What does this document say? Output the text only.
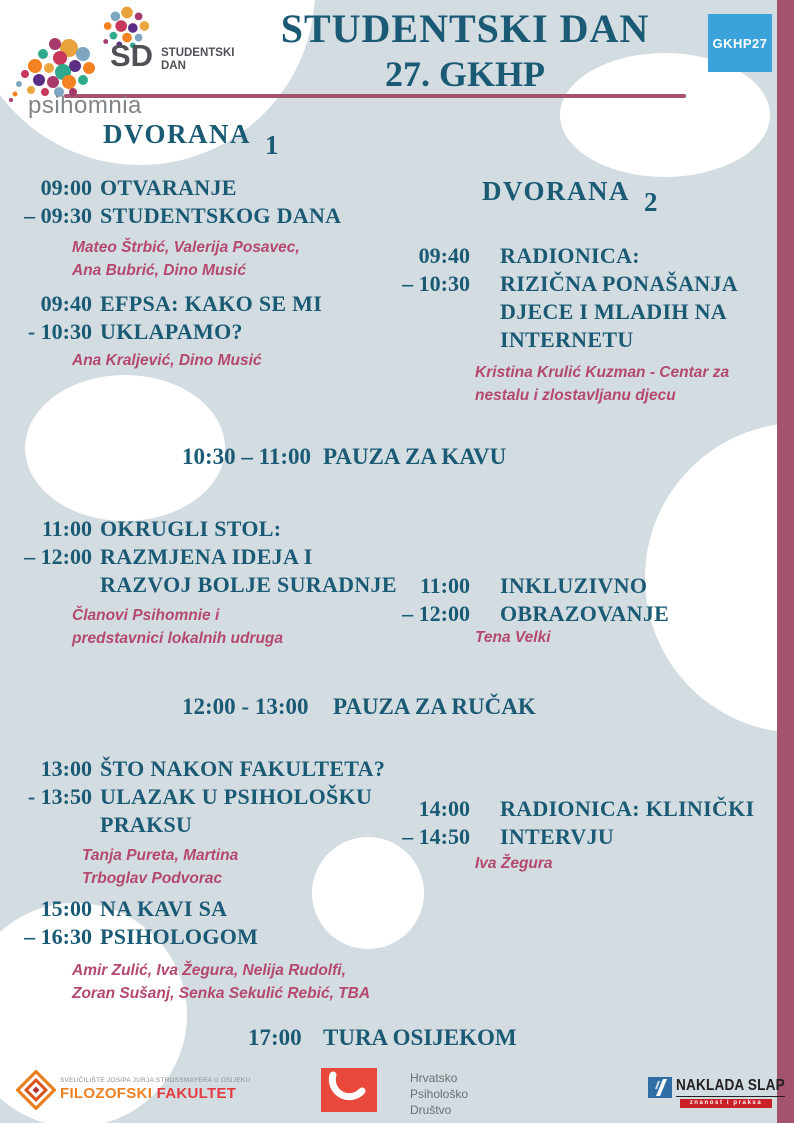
psihomnia
SD STUDENTSKI
DAN
STUDENTSKI DAN
27. GKHP
GKHP27
DVORANA 1
DVORANA 2
09:00
– 09:30
OTVARANJE
STUDENTSKOG DANA
Mateo Štrbić, Valerija Posavec,
Ana Bubrić, Dino Musić
09:40
- 10:30
EFPSA: KAKO SE MI
UKLAPAMO?
Ana Kraljević, Dino Musić
11:00
– 12:00
OKRUGLI STOL:
RAZMJENA IDEJA I
RAZVOJ BOLJE SURADNJE
Članovi Psihomnie i
predstavnici lokalnih udruga
13:00
- 13:50
ŠTO NAKON FAKULTETA?
ULAZAK U PSIHOLOŠKU
PRAKSU
Tanja Pureta, Martina
Trboglav Podvorac
15:00
– 16:30
NA KAVI SA
PSIHOLOGOM
Amir Zulić, Iva Žegura, Nelija Rudolfi,
Zoran Sušanj, Senka Sekulić Rebić, TBA
09:40
– 10:30
RADIONICA:
RIZIČNA PONAŠANJA
DJECE I MLADIH NA
INTERNETU
Kristina Krulić Kuzman - Centar za
nestalu i zlostavljanu djecu
11:00
– 12:00
INKLUZIVNO
OBRAZOVANJE
Tena Velki
14:00
– 14:50
RADIONICA: KLINIČKI
INTERVJU
Iva Žegura
10:30 – 11:00 PAUZA ZA KAVU
12:00 - 13:00 PAUZA ZA RUČAK
17:00 TURA OSIJEKOM
SVEUČILIŠTE JOSIPA JURJA STROSSMAYERA U OSIJEKU
FILOZOFSKI FAKULTET
Hrvatsko
Psihološko
Društvo
NAKLADA SLAP
znanost i praksa
